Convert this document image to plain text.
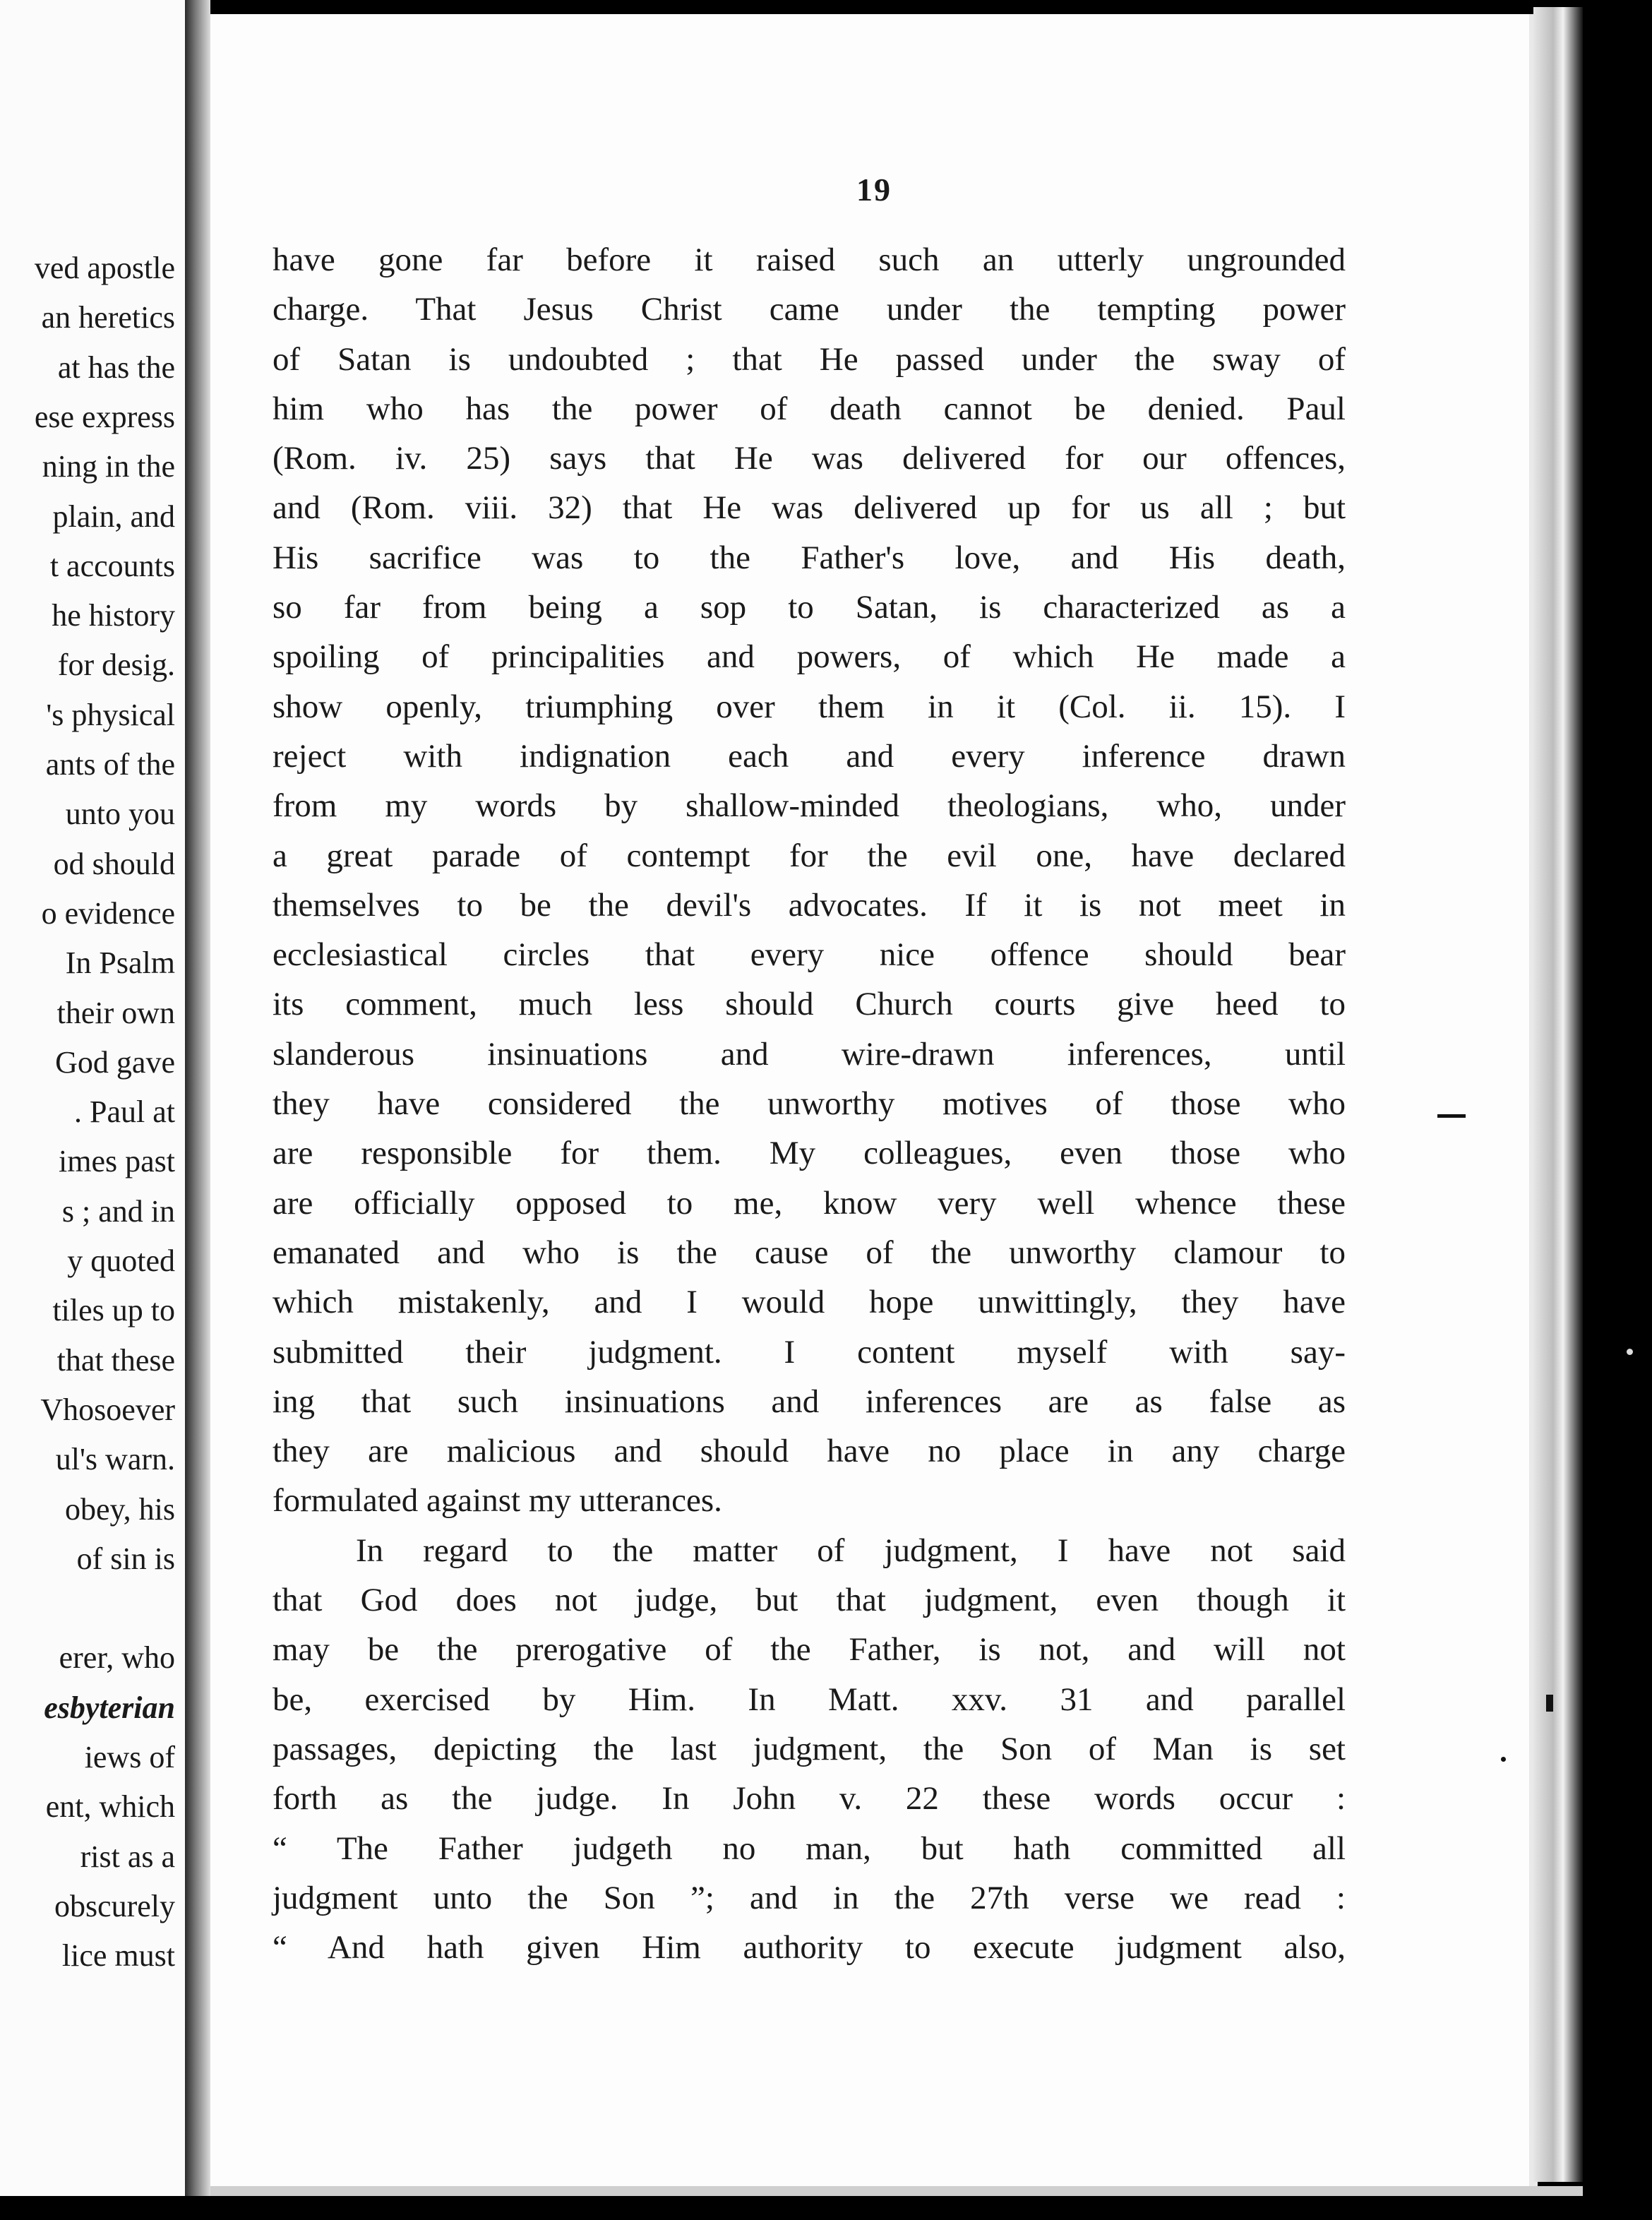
ved apostle
an heretics
at has the
ese express
ning in the
plain, and
t accounts
he history
for desig.
's physical
ants of the
unto you
od should
o evidence
In Psalm
their own
God gave
. Paul at
imes past
s ; and in
y quoted
tiles up to
that these
Vhosoever
ul's warn.
obey, his
of sin is
erer, who
esbyterian
iews of
ent, which
rist as a
obscurely
lice must
19
have gone far before it raised such an utterly ungrounded
charge. That Jesus Christ came under the tempting power
of Satan is undoubted ; that He passed under the sway of
him who has the power of death cannot be denied. Paul
(Rom. iv. 25) says that He was delivered for our offences,
and (Rom. viii. 32) that He was delivered up for us all ; but
His sacrifice was to the Father's love, and His death,
so far from being a sop to Satan, is characterized as a
spoiling of principalities and powers, of which He made a
show openly, triumphing over them in it (Col. ii. 15). I
reject with indignation each and every inference drawn
from my words by shallow-minded theologians, who, under
a great parade of contempt for the evil one, have declared
themselves to be the devil's advocates. If it is not meet in
ecclesiastical circles that every nice offence should bear
its comment, much less should Church courts give heed to
slanderous insinuations and wire-drawn inferences, until
they have considered the unworthy motives of those who
are responsible for them. My colleagues, even those who
are officially opposed to me, know very well whence these
emanated and who is the cause of the unworthy clamour to
which mistakenly, and I would hope unwittingly, they have
submitted their judgment. I content myself with say-
ing that such insinuations and inferences are as false as
they are malicious and should have no place in any charge
formulated against my utterances.
In regard to the matter of judgment, I have not said
that God does not judge, but that judgment, even though it
may be the prerogative of the Father, is not, and will not
be, exercised by Him. In Matt. xxv. 31 and parallel
passages, depicting the last judgment, the Son of Man is set
forth as the judge. In John v. 22 these words occur :
“ The Father judgeth no man, but hath committed all
judgment unto the Son ”; and in the 27th verse we read :
“ And hath given Him authority to execute judgment also,
